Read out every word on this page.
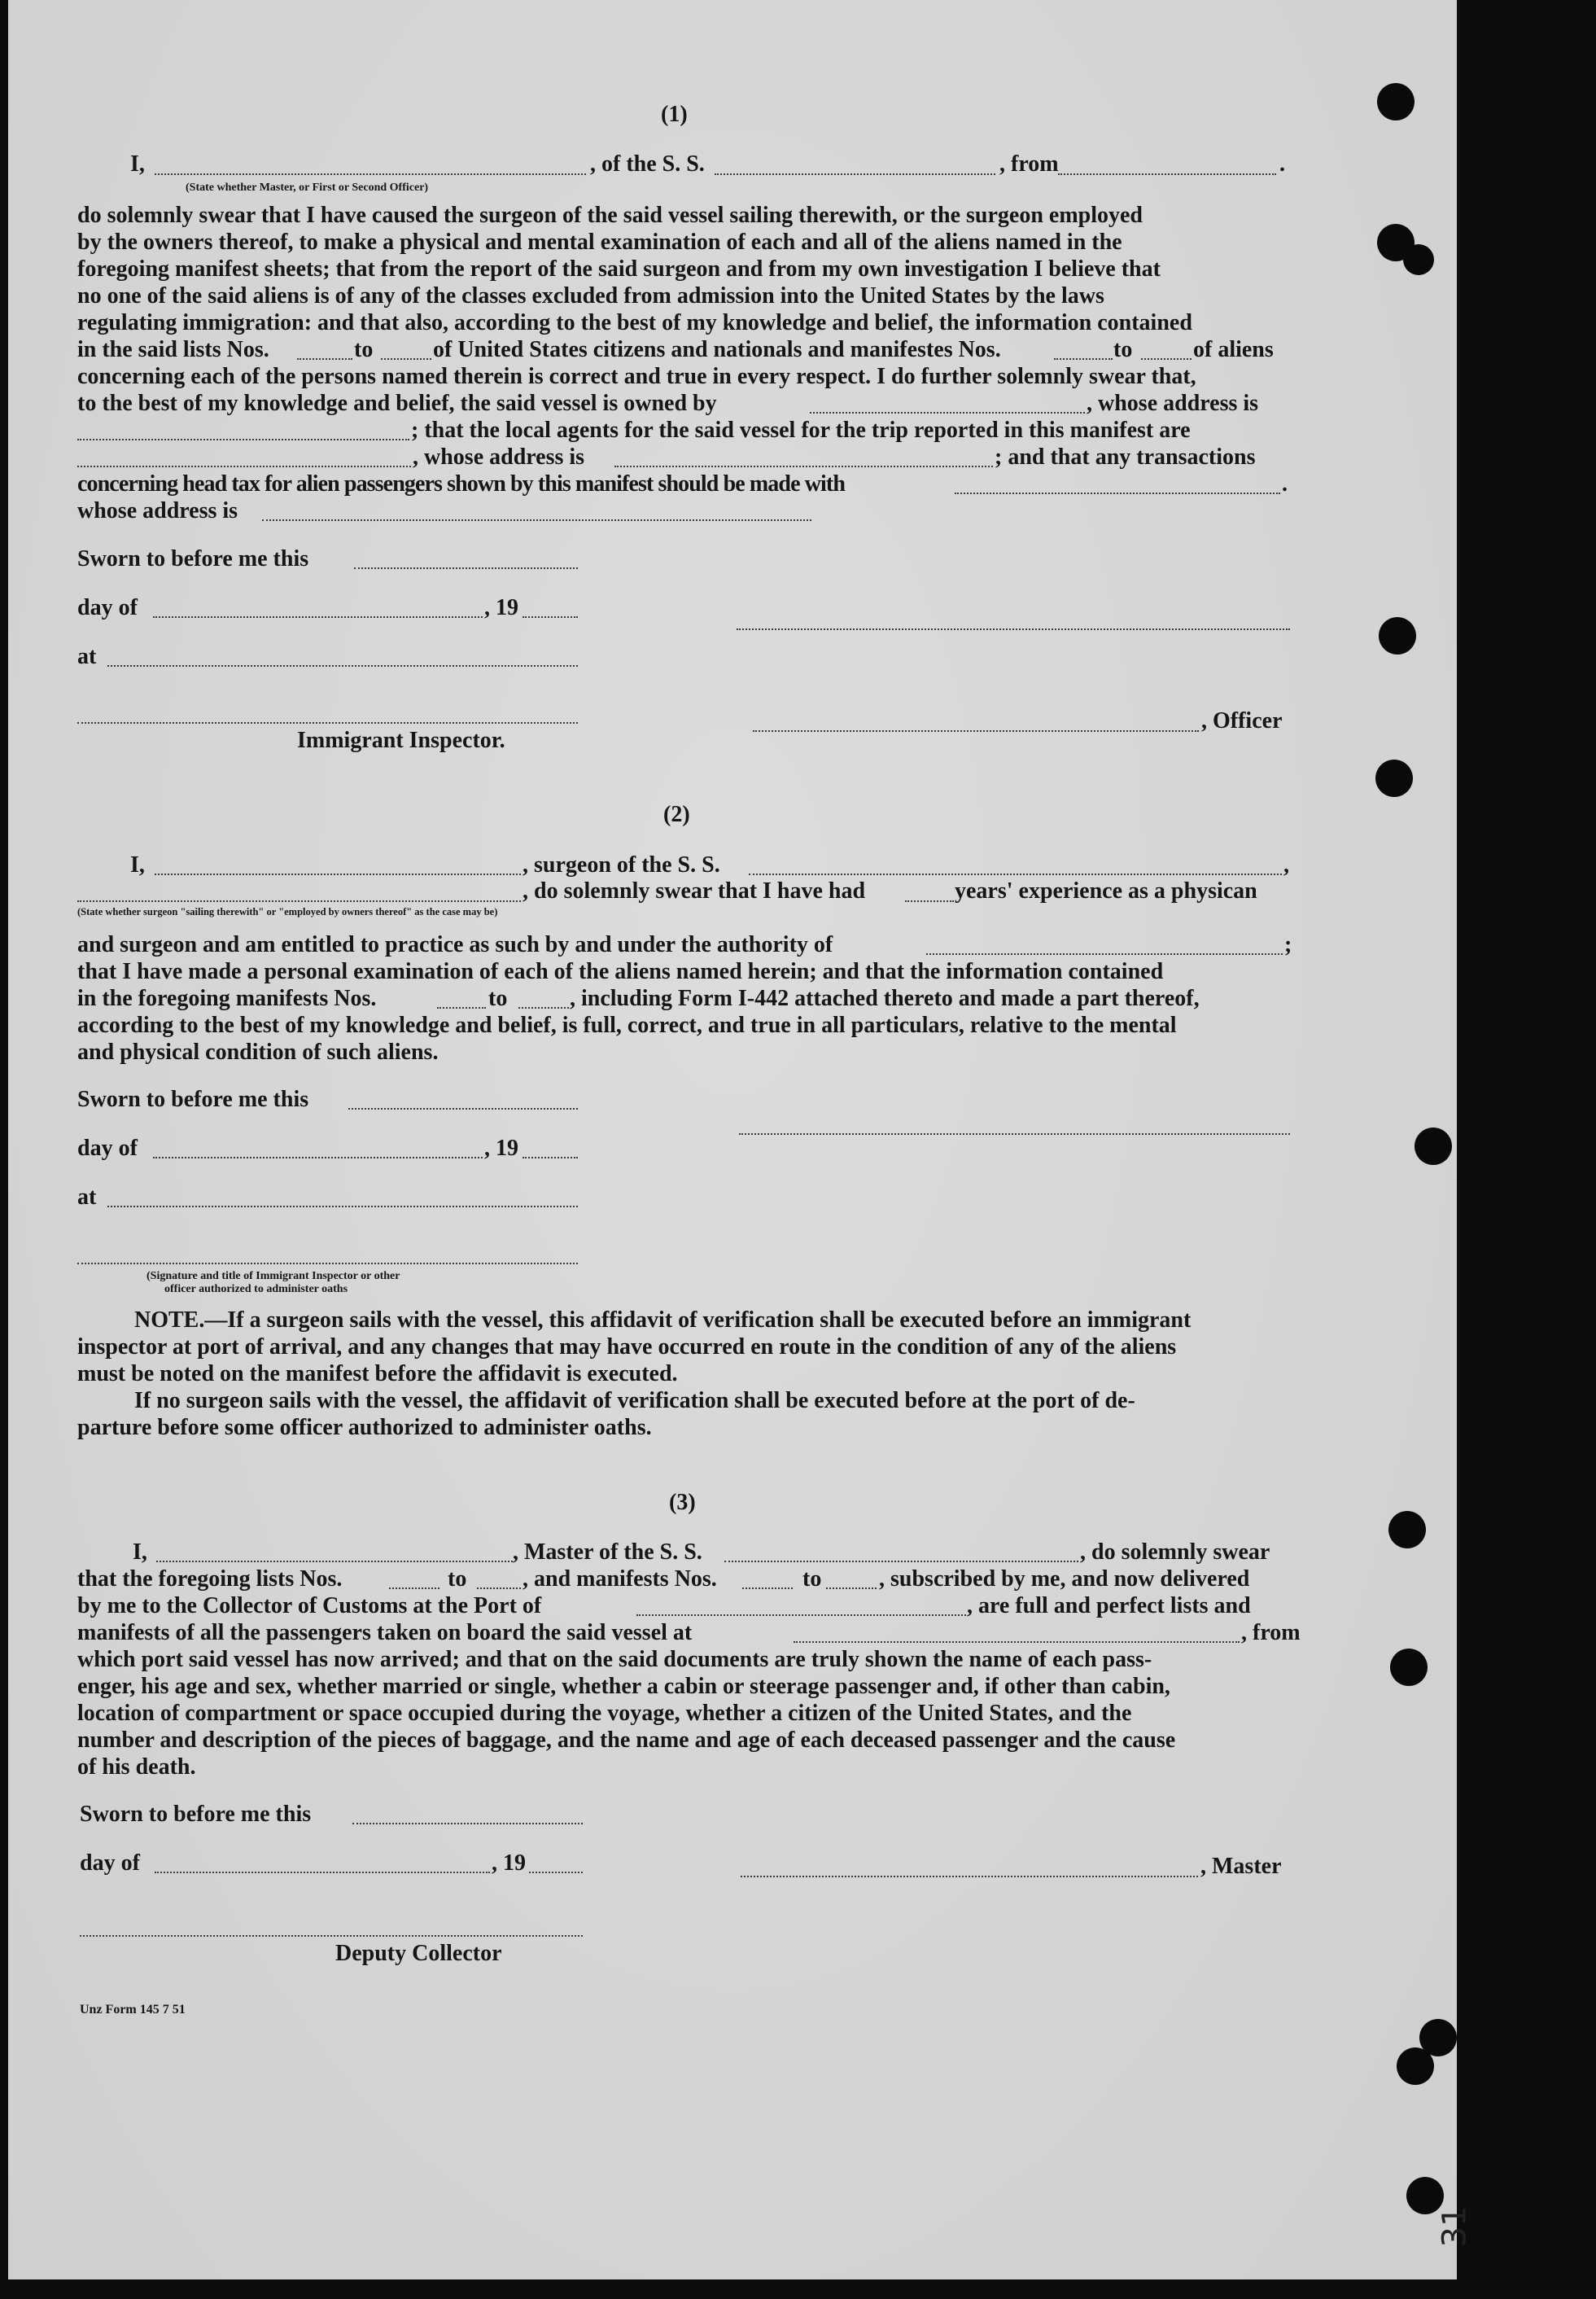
(1)
I,	, of the S. S.	, from	.
(State whether Master, or First or Second Officer)
do solemnly swear that I have caused the surgeon of the said vessel sailing therewith, or the surgeon employed
by the owners thereof, to make a physical and mental examination of each and all of the aliens named in the
foregoing manifest sheets; that from the report of the said surgeon and from my own investigation I believe that
no one of the said aliens is of any of the classes excluded from admission into the United States by the laws
regulating immigration: and that also, according to the best of my knowledge and belief, the information contained
in the said lists Nos.	to	of United States citizens and nationals and manifestes Nos.	to	of aliens
concerning each of the persons named therein is correct and true in every respect. I do further solemnly swear that,
to the best of my knowledge and belief, the said vessel is owned by	, whose address is
; that the local agents for the said vessel for the trip reported in this manifest are
, whose address is	; and that any transactions
concerning head tax for alien passengers shown by this manifest should be made with	.
whose address is
Sworn to before me this
day of	, 19
at
, Officer
Immigrant Inspector.
(2)
I,	, surgeon of the S. S.	,
, do solemnly swear that I have had	years' experience as a physican
(State whether surgeon "sailing therewith" or "employed by owners thereof" as the case may be)
and surgeon and am entitled to practice as such by and under the authority of	;
that I have made a personal examination of each of the aliens named herein; and that the information contained
in the foregoing manifests Nos.	to	, including Form I-442 attached thereto and made a part thereof,
according to the best of my knowledge and belief, is full, correct, and true in all particulars, relative to the mental
and physical condition of such aliens.
Sworn to before me this
day of	, 19
at
(Signature and title of Immigrant Inspector or other
officer authorized to administer oaths
NOTE.—If a surgeon sails with the vessel, this affidavit of verification shall be executed before an immigrant
inspector at port of arrival, and any changes that may have occurred en route in the condition of any of the aliens
must be noted on the manifest before the affidavit is executed.
If no surgeon sails with the vessel, the affidavit of verification shall be executed before at the port of de-
parture before some officer authorized to administer oaths.
(3)
I,	, Master of the S. S.	, do solemnly swear
that the foregoing lists Nos.	to , and manifests Nos.	to	, subscribed by me, and now delivered
by me to the Collector of Customs at the Port of	, are full and perfect lists and
manifests of all the passengers taken on board the said vessel at	, from
which port said vessel has now arrived; and that on the said documents are truly shown the name of each pass-
enger, his age and sex, whether married or single, whether a cabin or steerage passenger and, if other than cabin,
location of compartment or space occupied during the voyage, whether a citizen of the United States, and the
number and description of the pieces of baggage, and the name and age of each deceased passenger and the cause
of his death.
Sworn to before me this
day of	, 19	, Master
Deputy Collector
Unz Form 145 7 51
31
